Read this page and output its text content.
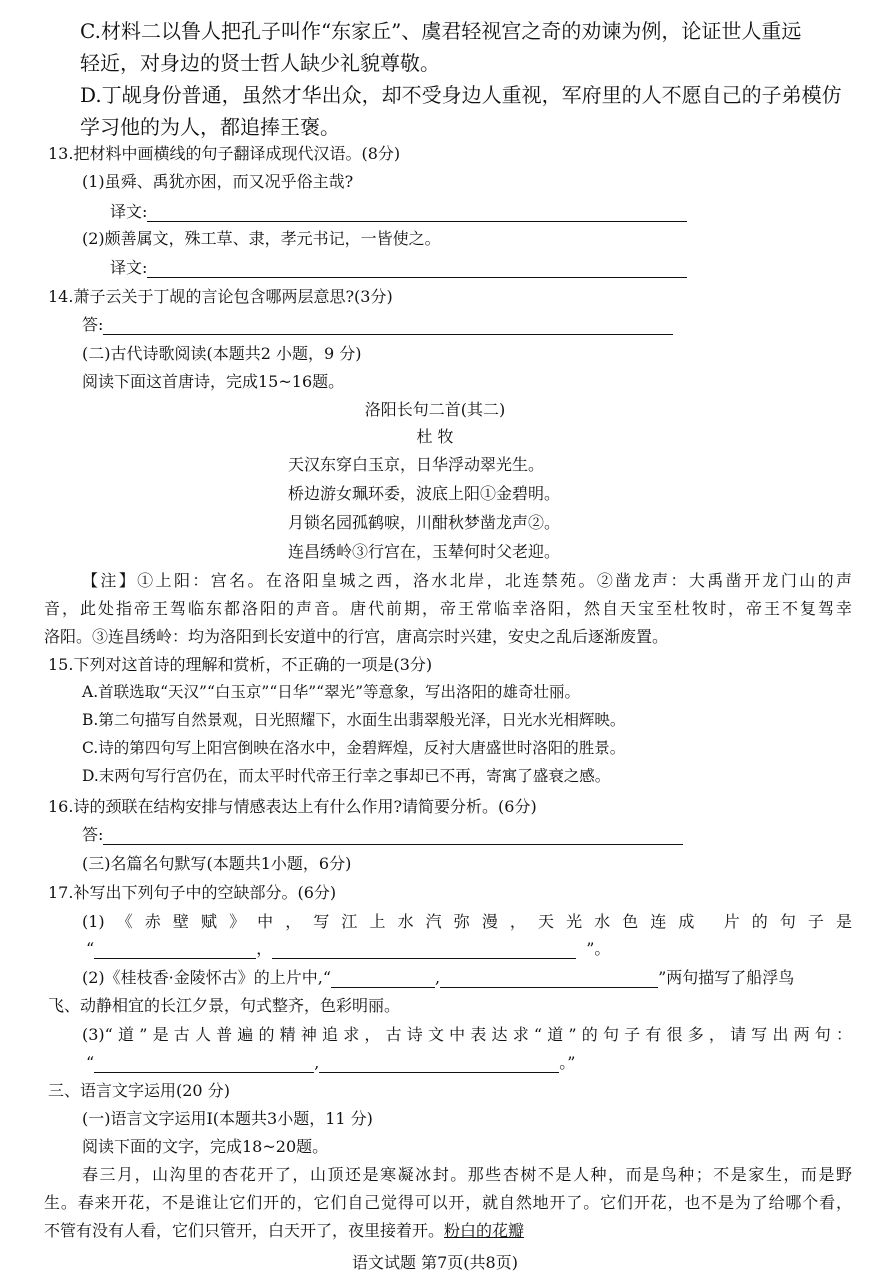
C.材料二以鲁人把孔子叫作“东家丘”、虞君轻视宫之奇的劝谏为例，论证世人重远
轻近，对身边的贤士哲人缺少礼貌尊敬。
D.丁觇身份普通，虽然才华出众，却不受身边人重视，军府里的人不愿自己的子弟模仿
学习他的为人，都追捧王褒。
13.把材料中画横线的句子翻译成现代汉语。(8分)
(1)虽舜、禹犹亦困，而又况乎俗主哉?
译文:
(2)颇善属文，殊工草、隶，孝元书记，一皆使之。
译文:
14.萧子云关于丁觇的言论包含哪两层意思?(3分)
答:
(二)古代诗歌阅读(本题共2 小题，9 分)
阅读下面这首唐诗，完成15~16题。
洛阳长句二首(其二)
杜 牧
天汉东穿白玉京，日华浮动翠光生。
桥边游女珮环委，波底上阳①金碧明。
月锁名园孤鹤唳，川酣秋梦凿龙声②。
连昌绣岭③行宫在，玉辇何时父老迎。
【注】①上阳：宫名。在洛阳皇城之西，洛水北岸，北连禁苑。②凿龙声：大禹凿开龙门山的声
音，此处指帝王驾临东都洛阳的声音。唐代前期，帝王常临幸洛阳，然自天宝至杜牧时，帝王不复驾幸
洛阳。③连昌绣岭：均为洛阳到长安道中的行宫，唐高宗时兴建，安史之乱后逐渐废置。
15.下列对这首诗的理解和赏析，不正确的一项是(3分)
A.首联选取“天汉”“白玉京”“日华”“翠光”等意象，写出洛阳的雄奇壮丽。
B.第二句描写自然景观，日光照耀下，水面生出翡翠般光泽，日光水光相辉映。
C.诗的第四句写上阳宫倒映在洛水中，金碧辉煌，反衬大唐盛世时洛阳的胜景。
D.末两句写行宫仍在，而太平时代帝王行幸之事却已不再，寄寓了盛衰之感。
16.诗的颈联在结构安排与情感表达上有什么作用?请简要分析。(6分)
答:
(三)名篇名句默写(本题共1小题，6分)
17.补写出下列句子中的空缺部分。(6分)
(1)《赤壁赋》中，写江上水汽弥漫，天光水色连成 片的句子是
“	，	”。
(2)《桂枝香·金陵怀古》的上片中,“	,	”两句描写了船浮鸟
飞、动静相宜的长江夕景，句式整齐，色彩明丽。
(3)“道”是古人普遍的精神追求，古诗文中表达求“道”的句子有很多，请写出两句：
“	,	。”
三、语言文字运用(20 分)
(一)语言文字运用Ⅰ(本题共3小题，11 分)
阅读下面的文字，完成18~20题。
春三月，山沟里的杏花开了，山顶还是寒凝冰封。那些杏树不是人种，而是鸟种；不是家生，而是野
生。春来开花，不是谁让它们开的，它们自己觉得可以开，就自然地开了。它们开花，也不是为了给哪个看，
不管有没有人看，它们只管开，白天开了，夜里接着开。粉白的花瓣
语文试题 第7页(共8页)
